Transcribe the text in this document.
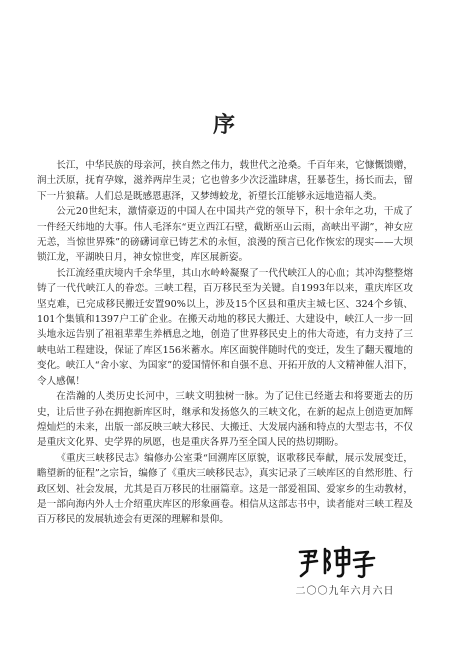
序

长江，中华民族的母亲河，挟自然之伟力，载世代之沧桑。千百年来，它慷慨馈赠，润土沃原，抚育孕嫁，滋养两岸生灵；它也曾多少次泛滥肆虐，狂暴苍生，扬长而去，留下一片狼藉。人们总是既感恩惠泽，又梦缚蛟龙，祈望长江能够永远地造福人类。

公元20世纪末，激情豪迈的中国人在中国共产党的领导下，积十余年之功，干成了一件经天纬地的大事。伟人毛泽东“更立西江石壁，截断巫山云雨，高峡出平湖”，神女应无恙，当惊世界殊”的磅礴词章已铸艺术的永恒，浪漫的预言已化作恢宏的现实——大坝锁江龙，平湖映日月，神女惊世变，库区展新姿。

长江流经重庆境内千余华里，其山水岭岭凝聚了一代代峡江人的心血；其冲沟整整熔铸了一代代峡江人的眷恋。三峡工程，百万移民至为关键。自1993年以来，重庆库区攻坚克难，已完成移民搬迁安置90%以上，涉及15个区县和重庆主城七区、324个乡镇、101个集镇和1397户工矿企业。在搬天动地的移民大搬迁、大建设中，峡江人一步一回头地永远告别了祖祖辈辈生养栖息之地，创造了世界移民史上的伟大奇迹，有力支持了三峡电站工程建设，保证了库区156米蓄水。库区面貌伴随时代的变迁，发生了翻天覆地的变化。峡江人“舍小家、为国家”的爱国情怀和自强不息、开拓开放的人文精神催人泪下，令人感佩！

在浩瀚的人类历史长河中，三峡文明独树一脉。为了记住已经逝去和将要逝去的历史，让后世子孙在拥抱新库区时，继承和发扬悠久的三峡文化，在新的起点上创造更加辉煌灿烂的未来，出版一部反映三峡大移民、大搬迁、大发展内涵和特点的大型志书，不仅是重庆文化界、史学界的夙愿，也是重庆各界乃至全国人民的热切期盼。

《重庆三峡移民志》编修办公室秉“回溯库区原貌，讴歌移民奉献，展示发展变迁，瞻望新的征程”之宗旨，编修了《重庆三峡移民志》，真实记录了三峡库区的自然形胜、行政区划、社会发展，尤其是百万移民的壮丽篇章。这是一部爱祖国、爱家乡的生动教材，是一部向海内外人士介绍重庆库区的形象画卷。相信从这部志书中，读者能对三峡工程及百万移民的发展轨迹会有更深的理解和景仰。

二〇〇九年六月六日
